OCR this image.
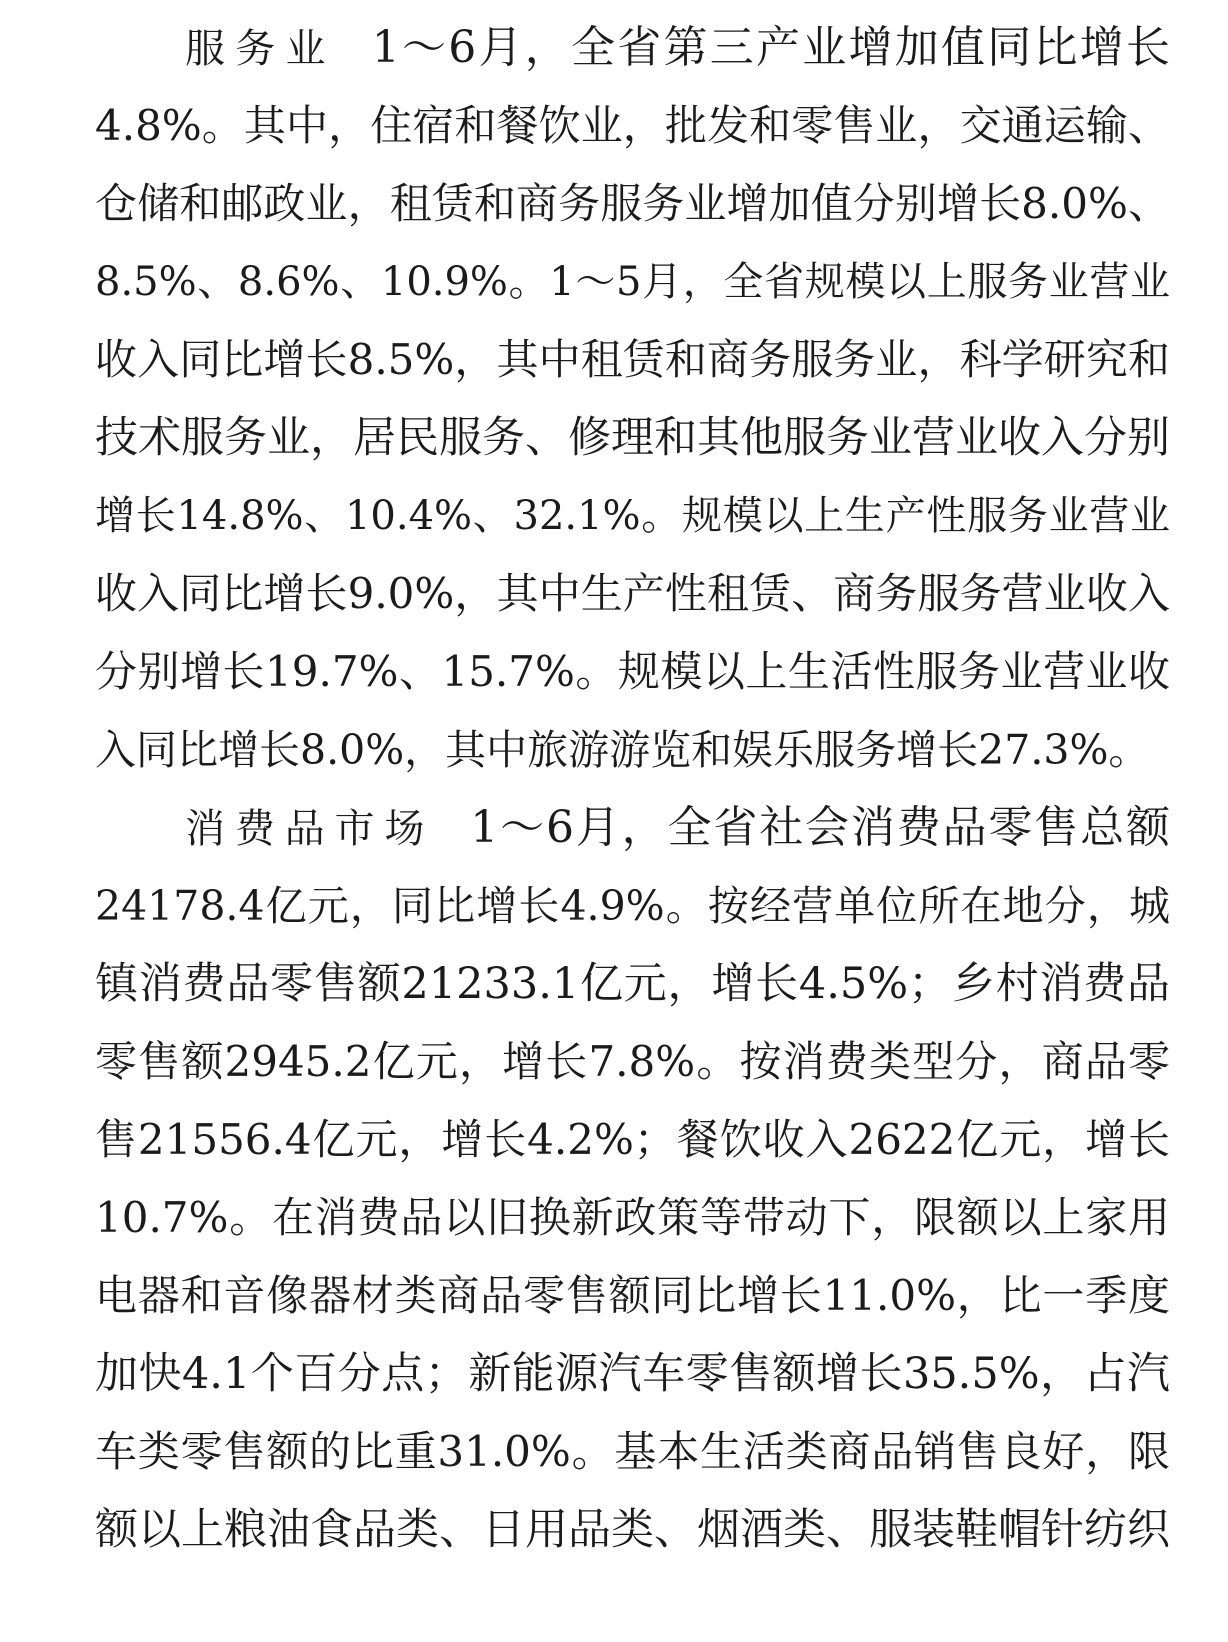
服务业 1～6月，全省第三产业增加值同比增长
4.8%。其中，住宿和餐饮业，批发和零售业，交通运输、
仓储和邮政业，租赁和商务服务业增加值分别增长8.0%、
8.5%、8.6%、10.9%。1～5月，全省规模以上服务业营业
收入同比增长8.5%，其中租赁和商务服务业，科学研究和
技术服务业，居民服务、修理和其他服务业营业收入分别
增长14.8%、10.4%、32.1%。规模以上生产性服务业营业
收入同比增长9.0%，其中生产性租赁、商务服务营业收入
分别增长19.7%、15.7%。规模以上生活性服务业营业收
入同比增长8.0%，其中旅游游览和娱乐服务增长27.3%。
消费品市场 1～6月，全省社会消费品零售总额
24178.4亿元，同比增长4.9%。按经营单位所在地分，城
镇消费品零售额21233.1亿元，增长4.5%；乡村消费品
零售额2945.2亿元，增长7.8%。按消费类型分，商品零
售21556.4亿元，增长4.2%；餐饮收入2622亿元，增长
10.7%。在消费品以旧换新政策等带动下，限额以上家用
电器和音像器材类商品零售额同比增长11.0%，比一季度
加快4.1个百分点；新能源汽车零售额增长35.5%，占汽
车类零售额的比重31.0%。基本生活类商品销售良好，限
额以上粮油食品类、日用品类、烟酒类、服装鞋帽针纺织
